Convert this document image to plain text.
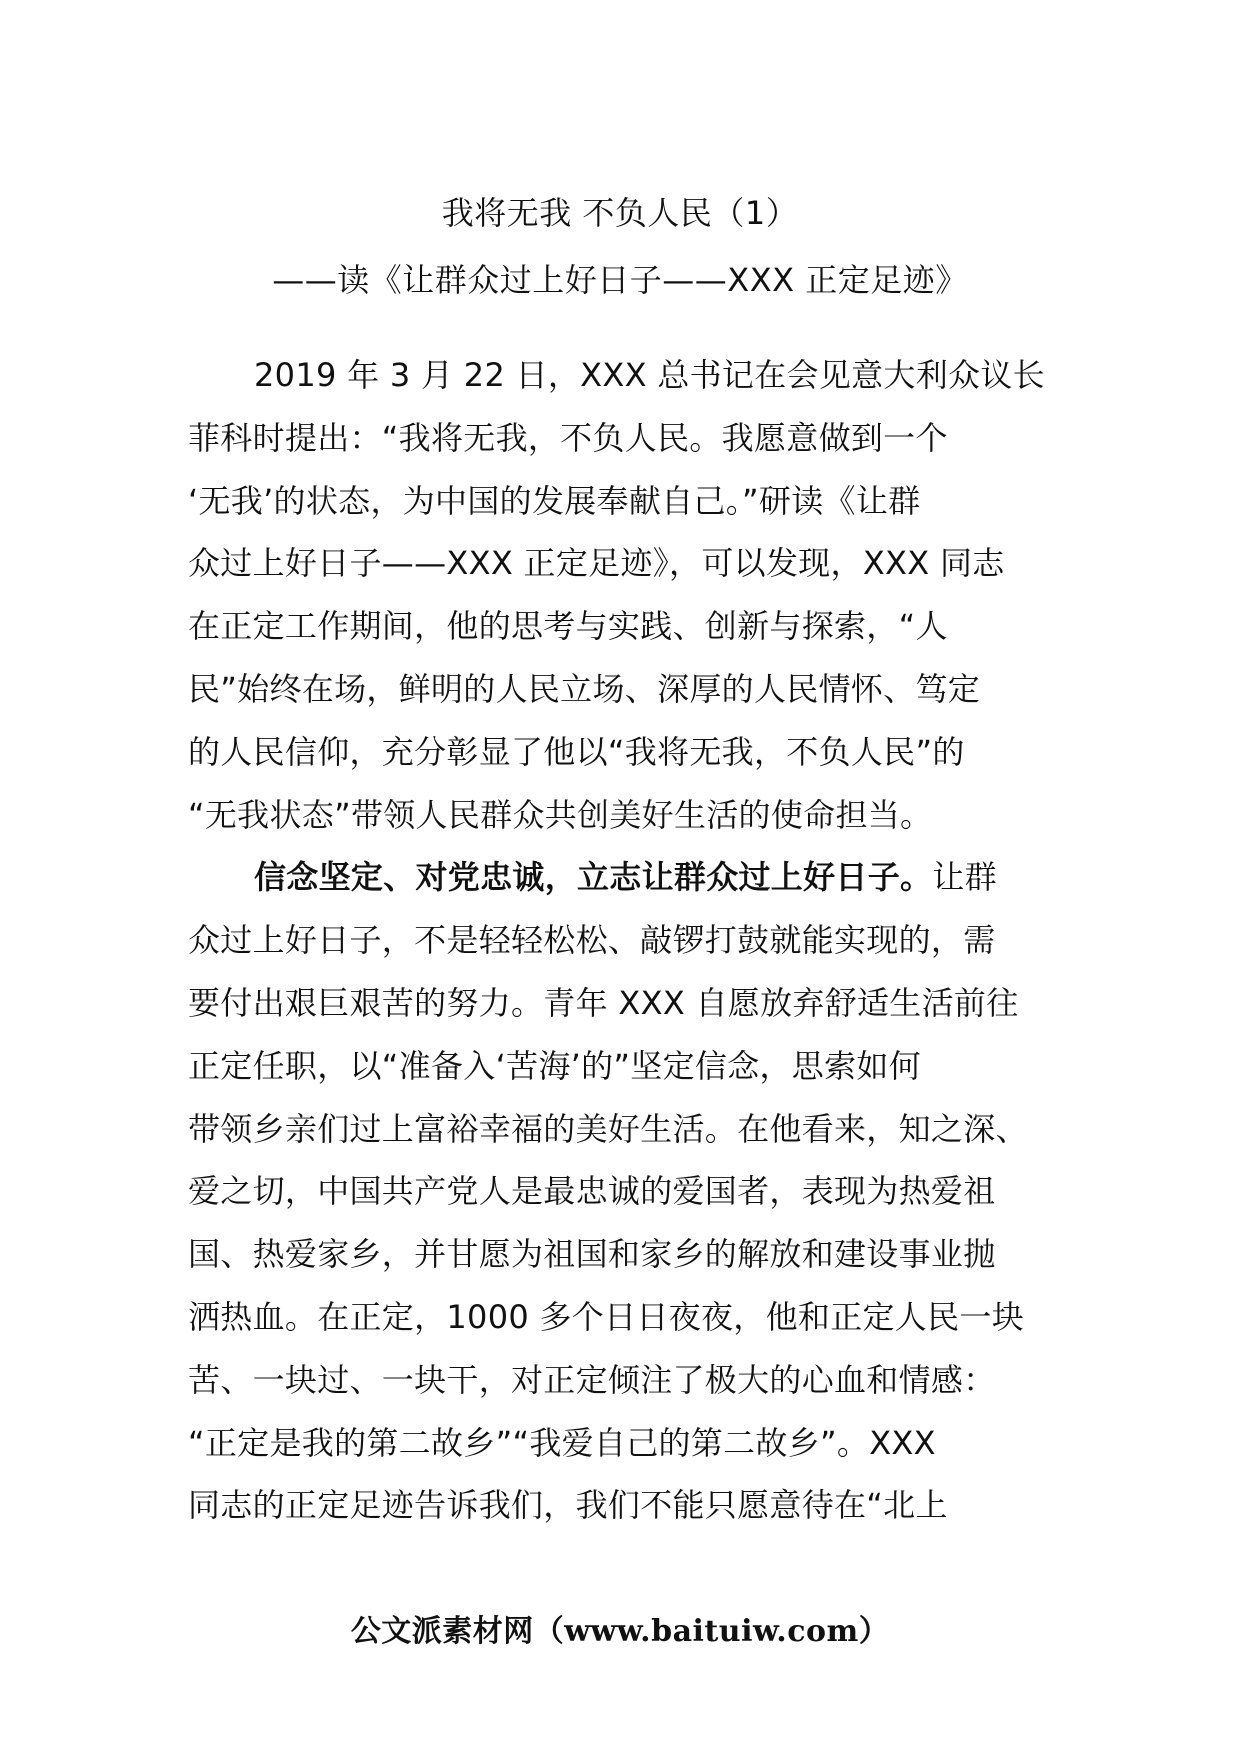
我将无我 不负人民（1）
——读《让群众过上好日子——XXX 正定足迹》
2019 年 3 月 22 日，XXX 总书记在会见意大利众议长
菲科时提出：“我将无我，不负人民。我愿意做到一个
‘无我’的状态，为中国的发展奉献自己。”研读《让群
众过上好日子——XXX 正定足迹》，可以发现，XXX 同志
在正定工作期间，他的思考与实践、创新与探索，“人
民”始终在场，鲜明的人民立场、深厚的人民情怀、笃定
的人民信仰，充分彰显了他以“我将无我，不负人民”的
“无我状态”带领人民群众共创美好生活的使命担当。
信念坚定、对党忠诚，立志让群众过上好日子。让群
众过上好日子，不是轻轻松松、敲锣打鼓就能实现的，需
要付出艰巨艰苦的努力。青年 XXX 自愿放弃舒适生活前往
正定任职，以“准备入‘苦海’的”坚定信念，思索如何
带领乡亲们过上富裕幸福的美好生活。在他看来，知之深、
爱之切，中国共产党人是最忠诚的爱国者，表现为热爱祖
国、热爱家乡，并甘愿为祖国和家乡的解放和建设事业抛
洒热血。在正定，1000 多个日日夜夜，他和正定人民一块
苦、一块过、一块干，对正定倾注了极大的心血和情感：
“正定是我的第二故乡”“我爱自己的第二故乡”。XXX
同志的正定足迹告诉我们，我们不能只愿意待在“北上
公文派素材网（www.baituiw.com）
